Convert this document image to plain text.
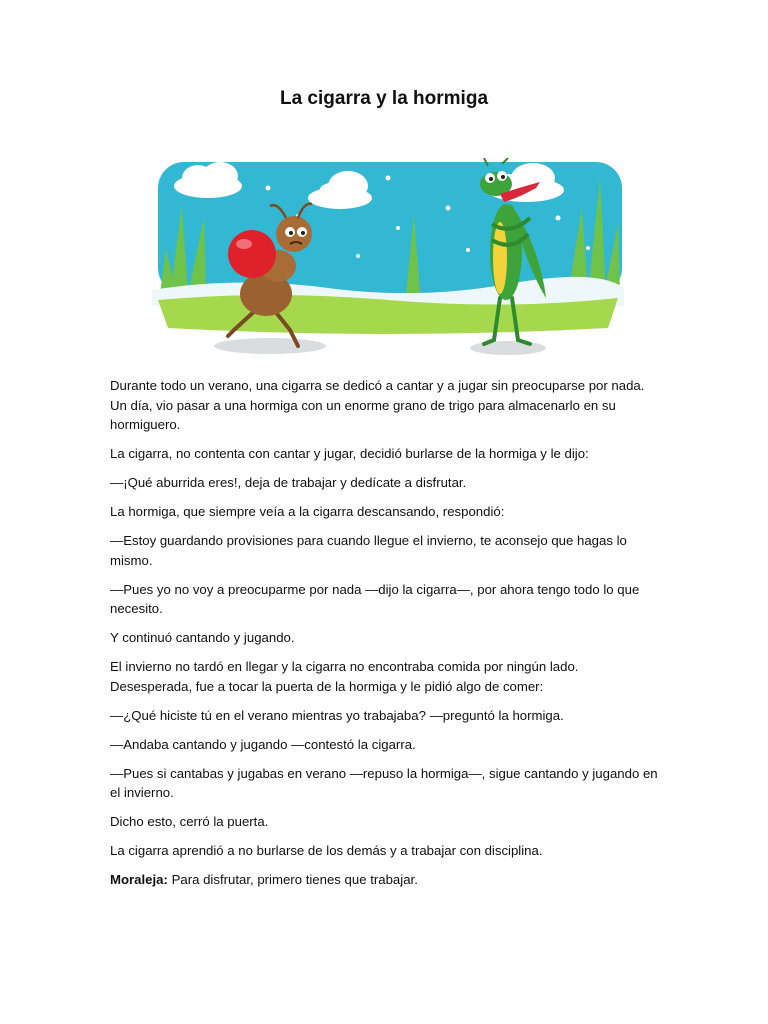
La cigarra y la hormiga

Durante todo un verano, una cigarra se dedicó a cantar y a jugar sin preocuparse por nada. Un día, vio pasar a una hormiga con un enorme grano de trigo para almacenarlo en su hormiguero.

La cigarra, no contenta con cantar y jugar, decidió burlarse de la hormiga y le dijo:

—¡Qué aburrida eres!, deja de trabajar y dedícate a disfrutar.

La hormiga, que siempre veía a la cigarra descansando, respondió:

—Estoy guardando provisiones para cuando llegue el invierno, te aconsejo que hagas lo mismo.

—Pues yo no voy a preocuparme por nada —dijo la cigarra—, por ahora tengo todo lo que necesito.

Y continuó cantando y jugando.

El invierno no tardó en llegar y la cigarra no encontraba comida por ningún lado. Desesperada, fue a tocar la puerta de la hormiga y le pidió algo de comer:

—¿Qué hiciste tú en el verano mientras yo trabajaba? —preguntó la hormiga.

—Andaba cantando y jugando —contestó la cigarra.

—Pues si cantabas y jugabas en verano —repuso la hormiga—, sigue cantando y jugando en el invierno.

Dicho esto, cerró la puerta.

La cigarra aprendió a no burlarse de los demás y a trabajar con disciplina.

Moraleja: Para disfrutar, primero tienes que trabajar.
